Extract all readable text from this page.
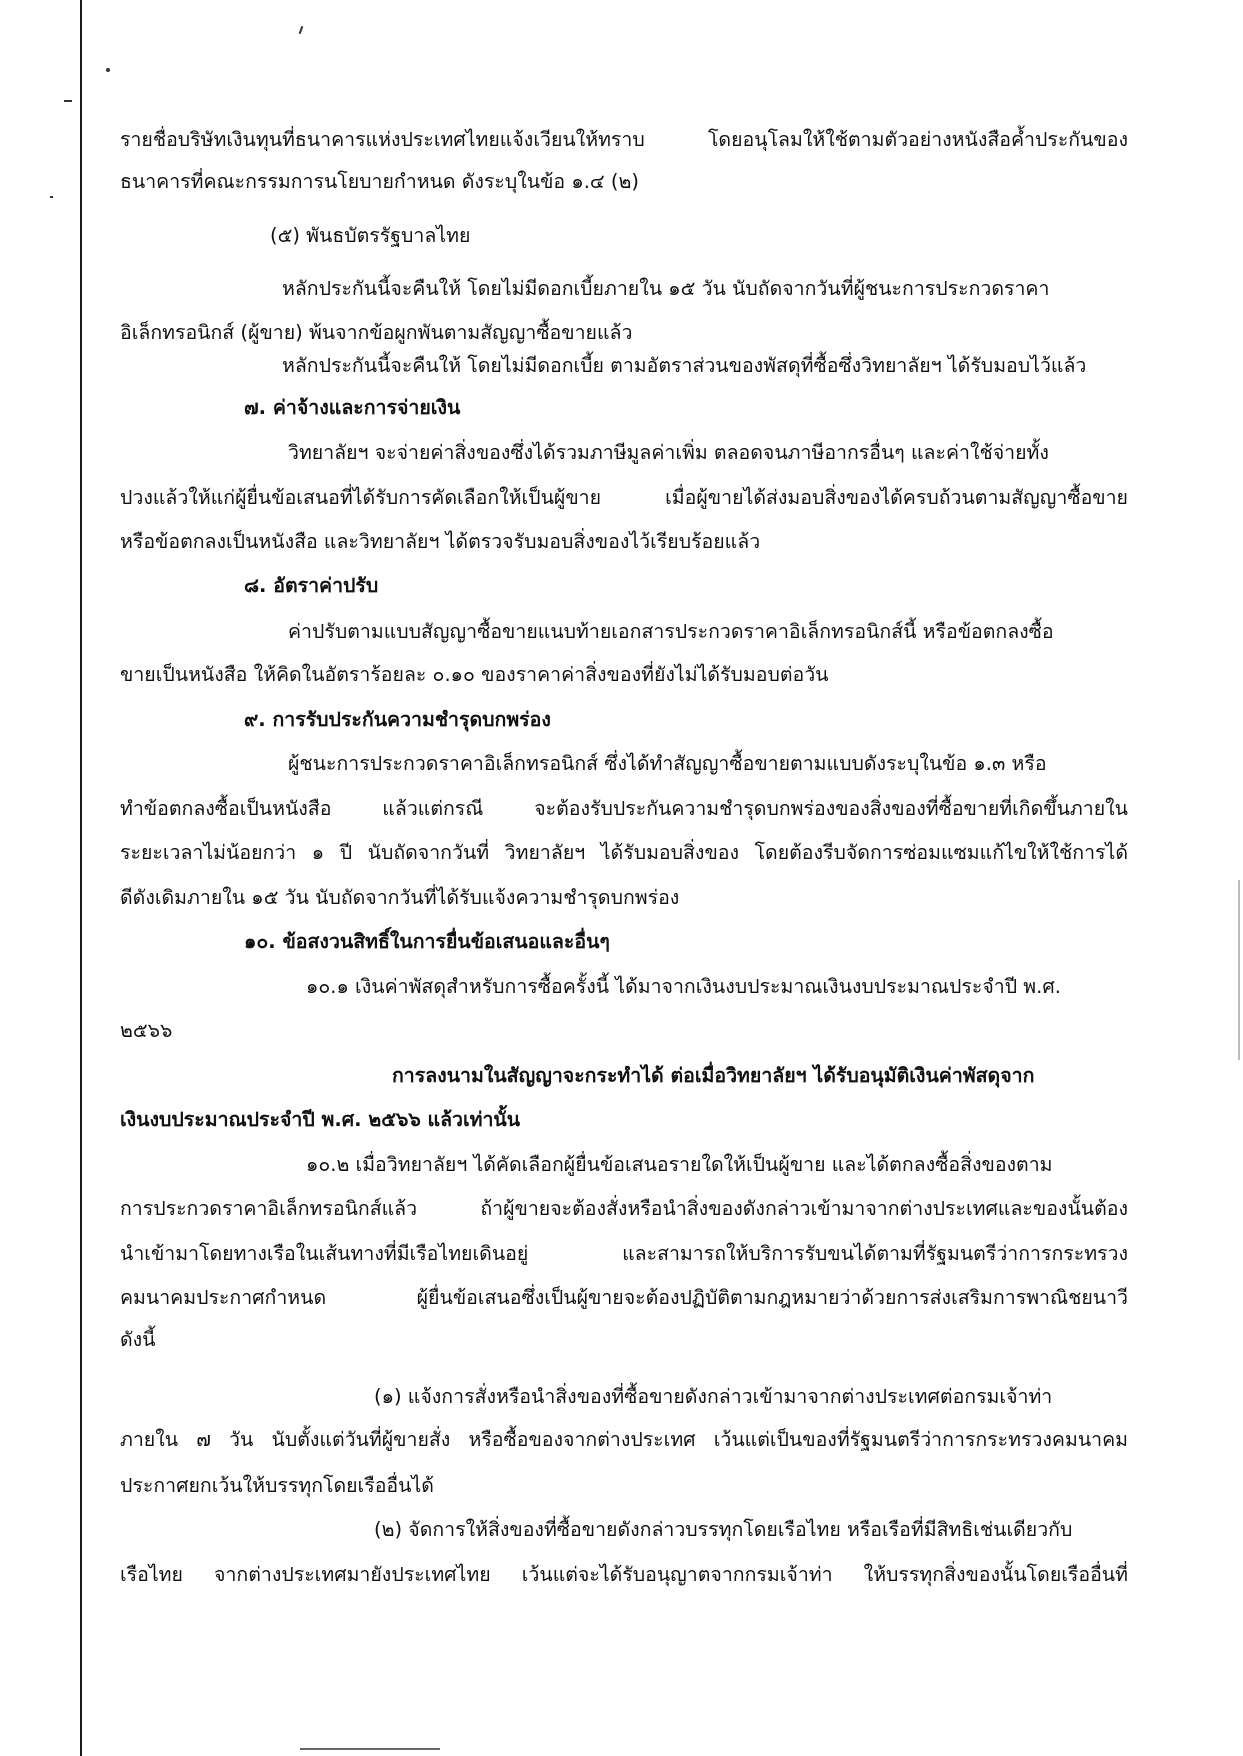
รายชื่อบริษัทเงินทุนที่ธนาคารแห่งประเทศไทยแจ้งเวียนให้ทราบ โดยอนุโลมให้ใช้ตามตัวอย่างหนังสือค้ำประกันของ
ธนาคารที่คณะกรรมการนโยบายกำหนด ดังระบุในข้อ ๑.๔ (๒)
(๕) พันธบัตรรัฐบาลไทย
หลักประกันนี้จะคืนให้ โดยไม่มีดอกเบี้ยภายใน ๑๕ วัน นับถัดจากวันที่ผู้ชนะการประกวดราคา
อิเล็กทรอนิกส์ (ผู้ขาย) พ้นจากข้อผูกพันตามสัญญาซื้อขายแล้ว
หลักประกันนี้จะคืนให้ โดยไม่มีดอกเบี้ย ตามอัตราส่วนของพัสดุที่ซื้อซึ่งวิทยาลัยฯ ได้รับมอบไว้แล้ว
๗. ค่าจ้างและการจ่ายเงิน
วิทยาลัยฯ จะจ่ายค่าสิ่งของซึ่งได้รวมภาษีมูลค่าเพิ่ม ตลอดจนภาษีอากรอื่นๆ และค่าใช้จ่ายทั้ง
ปวงแล้วให้แก่ผู้ยื่นข้อเสนอที่ได้รับการคัดเลือกให้เป็นผู้ขาย เมื่อผู้ขายได้ส่งมอบสิ่งของได้ครบถ้วนตามสัญญาซื้อขาย
หรือข้อตกลงเป็นหนังสือ และวิทยาลัยฯ ได้ตรวจรับมอบสิ่งของไว้เรียบร้อยแล้ว
๘. อัตราค่าปรับ
ค่าปรับตามแบบสัญญาซื้อขายแนบท้ายเอกสารประกวดราคาอิเล็กทรอนิกส์นี้ หรือข้อตกลงซื้อ
ขายเป็นหนังสือ ให้คิดในอัตราร้อยละ ๐.๑๐ ของราคาค่าสิ่งของที่ยังไม่ได้รับมอบต่อวัน
๙. การรับประกันความชำรุดบกพร่อง
ผู้ชนะการประกวดราคาอิเล็กทรอนิกส์ ซึ่งได้ทำสัญญาซื้อขายตามแบบดังระบุในข้อ ๑.๓ หรือ
ทำข้อตกลงซื้อเป็นหนังสือ แล้วแต่กรณี จะต้องรับประกันความชำรุดบกพร่องของสิ่งของที่ซื้อขายที่เกิดขึ้นภายใน
ระยะเวลาไม่น้อยกว่า ๑ ปี นับถัดจากวันที่ วิทยาลัยฯ ได้รับมอบสิ่งของ โดยต้องรีบจัดการซ่อมแซมแก้ไขให้ใช้การได้
ดีดังเดิมภายใน ๑๕ วัน นับถัดจากวันที่ได้รับแจ้งความชำรุดบกพร่อง
๑๐. ข้อสงวนสิทธิ์ในการยื่นข้อเสนอและอื่นๆ
๑๐.๑ เงินค่าพัสดุสำหรับการซื้อครั้งนี้ ได้มาจากเงินงบประมาณเงินงบประมาณประจำปี พ.ศ.
๒๕๖๖
การลงนามในสัญญาจะกระทำได้ ต่อเมื่อวิทยาลัยฯ ได้รับอนุมัติเงินค่าพัสดุจาก
เงินงบประมาณประจำปี พ.ศ. ๒๕๖๖ แล้วเท่านั้น
๑๐.๒ เมื่อวิทยาลัยฯ ได้คัดเลือกผู้ยื่นข้อเสนอรายใดให้เป็นผู้ขาย และได้ตกลงซื้อสิ่งของตาม
การประกวดราคาอิเล็กทรอนิกส์แล้ว ถ้าผู้ขายจะต้องสั่งหรือนำสิ่งของดังกล่าวเข้ามาจากต่างประเทศและของนั้นต้อง
นำเข้ามาโดยทางเรือในเส้นทางที่มีเรือไทยเดินอยู่ และสามารถให้บริการรับขนได้ตามที่รัฐมนตรีว่าการกระทรวง
คมนาคมประกาศกำหนด ผู้ยื่นข้อเสนอซึ่งเป็นผู้ขายจะต้องปฏิบัติตามกฎหมายว่าด้วยการส่งเสริมการพาณิชยนาวี
ดังนี้
(๑) แจ้งการสั่งหรือนำสิ่งของที่ซื้อขายดังกล่าวเข้ามาจากต่างประเทศต่อกรมเจ้าท่า
ภายใน ๗ วัน นับตั้งแต่วันที่ผู้ขายสั่ง หรือซื้อของจากต่างประเทศ เว้นแต่เป็นของที่รัฐมนตรีว่าการกระทรวงคมนาคม
ประกาศยกเว้นให้บรรทุกโดยเรืออื่นได้
(๒) จัดการให้สิ่งของที่ซื้อขายดังกล่าวบรรทุกโดยเรือไทย หรือเรือที่มีสิทธิเช่นเดียวกับ
เรือไทย จากต่างประเทศมายังประเทศไทย เว้นแต่จะได้รับอนุญาตจากกรมเจ้าท่า ให้บรรทุกสิ่งของนั้นโดยเรืออื่นที่
